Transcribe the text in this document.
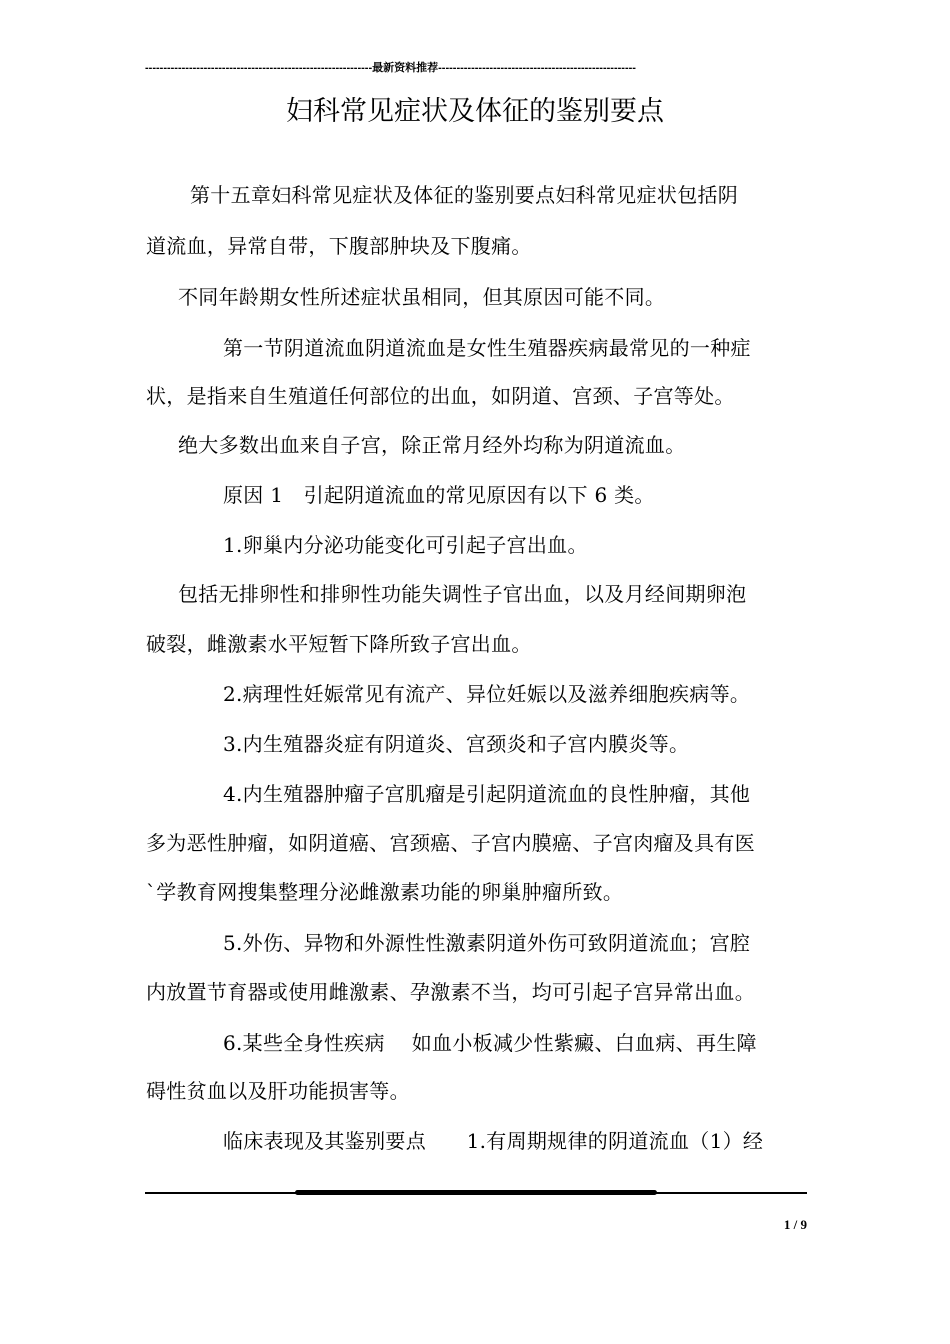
--------------------------------------------------------------最新资料推荐------------------------------------------------------
妇科常见症状及体征的鉴别要点
第十五章妇科常见症状及体征的鉴别要点妇科常见症状包括阴
道流血，异常自带，下腹部肿块及下腹痛。
不同年龄期女性所述症状虽相同，但其原因可能不同。
第一节阴道流血阴道流血是女性生殖器疾病最常见的一种症
状，是指来自生殖道任何部位的出血，如阴道、宫颈、子宫等处。
绝大多数出血来自子宫，除正常月经外均称为阴道流血。
原因 1　引起阴道流血的常见原因有以下 6 类。
1.卵巢内分泌功能变化可引起子宫出血。
包括无排卵性和排卵性功能失调性子官出血，以及月经间期卵泡
破裂，雌激素水平短暂下降所致子宫出血。
2.病理性妊娠常见有流产、异位妊娠以及滋养细胞疾病等。
3.内生殖器炎症有阴道炎、宫颈炎和子宫内膜炎等。
4.内生殖器肿瘤子宫肌瘤是引起阴道流血的良性肿瘤，其他
多为恶性肿瘤，如阴道癌、宫颈癌、子宫内膜癌、子宫肉瘤及具有医
`学教育网搜集整理分泌雌激素功能的卵巢肿瘤所致。
5.外伤、异物和外源性性激素阴道外伤可致阴道流血；宫腔
内放置节育器或使用雌激素、孕激素不当，均可引起子宫异常出血。
6.某些全身性疾病　 如血小板减少性紫癜、白血病、再生障
碍性贫血以及肝功能损害等。
临床表现及其鉴别要点　　1.有周期规律的阴道流血（1）经
1 / 9
